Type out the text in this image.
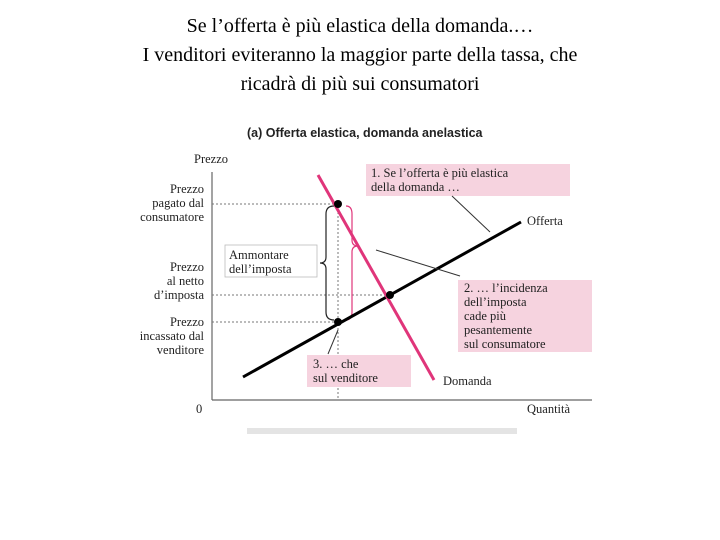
Se l’offerta è più elastica della domanda.…
I venditori eviteranno la maggior parte della tassa, che
ricadrà di più sui consumatori
(a) Offerta elastica, domanda anelastica
Prezzo
Quantità
0
Prezzo
pagato dal
consumatore
Prezzo
al netto
d’imposta
Prezzo
incassato dal
venditore
Ammontare
dell’imposta
Offerta
Domanda
1. Se l’offerta è più elastica
della domanda …
2. … l’incidenza
dell’imposta
cade più
pesantemente
sul consumatore
3. … che
sul venditore
